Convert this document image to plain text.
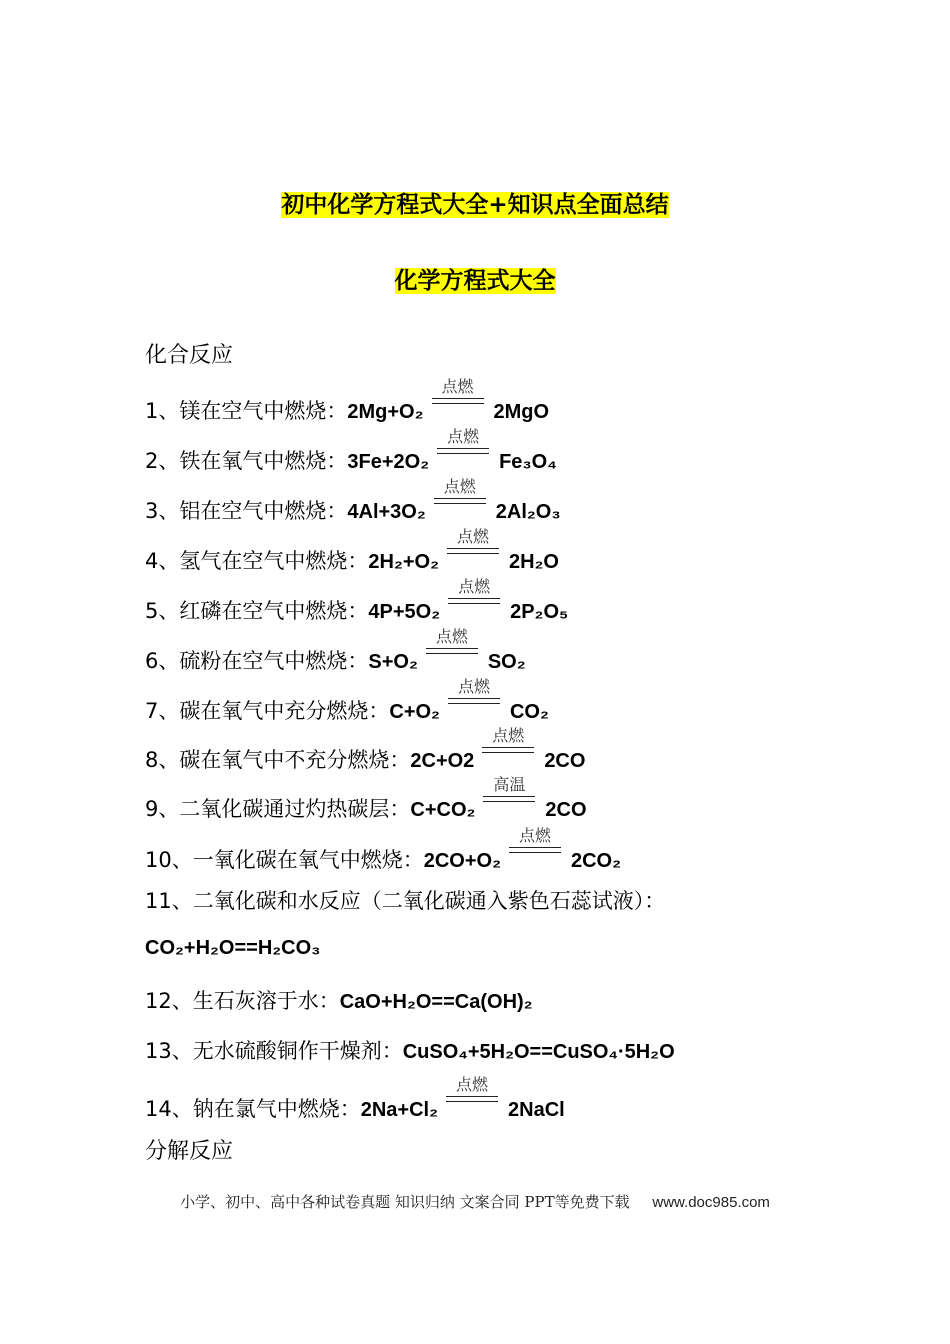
初中化学方程式大全+知识点全面总结
化学方程式大全
化合反应
1、镁在空气中燃烧： 2Mg+O₂
点燃
2MgO
2、铁在氧气中燃烧： 3Fe+2O₂
点燃
Fe₃O₄
3、铝在空气中燃烧： 4Al+3O₂
点燃
2Al₂O₃
4、氢气在空气中燃烧： 2H₂+O₂
点燃
2H₂O
5、红磷在空气中燃烧： 4P+5O₂
点燃
2P₂O₅
6、硫粉在空气中燃烧： S+O₂
点燃
SO₂
7、碳在氧气中充分燃烧： C+O₂
点燃
CO₂
8、碳在氧气中不充分燃烧： 2C+O2
点燃
2CO
9、二氧化碳通过灼热碳层： C+CO₂
高温
2CO
10、一氧化碳在氧气中燃烧： 2CO+O₂
点燃
2CO₂
11、二氧化碳和水反应（二氧化碳通入紫色石蕊试液）：
CO₂+H₂O==H₂CO₃
12、生石灰溶于水： CaO+H₂O==Ca(OH)₂
13、无水硫酸铜作干燥剂： CuSO₄+5H₂O==CuSO₄·5H₂O
14、钠在氯气中燃烧： 2Na+Cl₂
点燃
2NaCl
分解反应
小学、初中、高中各种试卷真题 知识归纳 文案合同 PPT等免费下载 www.doc985.com
